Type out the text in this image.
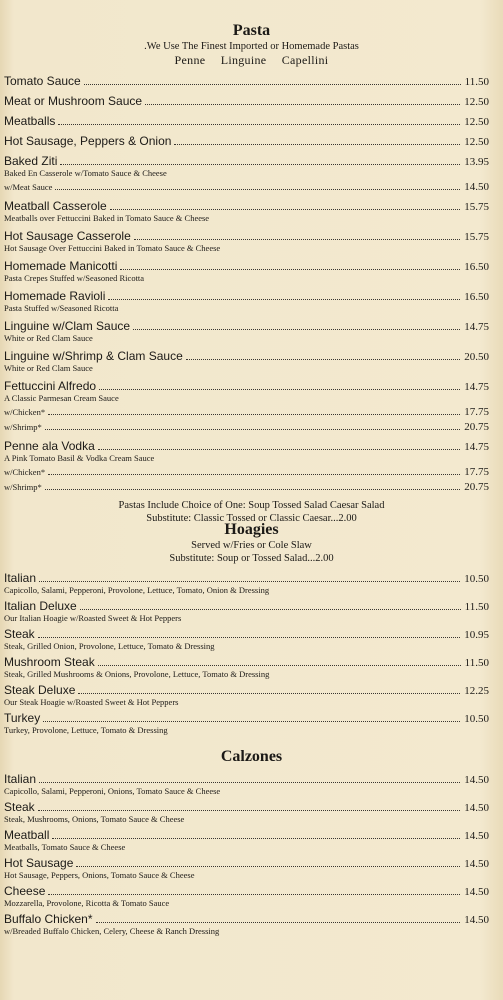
Pasta

.We Use The Finest Imported or Homemade Pastas

Penne Linguine Capellini

Tomato Sauce	11.50
Meat or Mushroom Sauce	12.50
Meatballs	12.50
Hot Sausage, Peppers & Onion	12.50
Baked Ziti	13.95
Baked En Casserole w/Tomato Sauce & Cheese
w/Meat Sauce	14.50
Meatball Casserole	15.75
Meatballs over Fettuccini Baked in Tomato Sauce & Cheese
Hot Sausage Casserole	15.75
Hot Sausage Over Fettuccini Baked in Tomato Sauce & Cheese
Homemade Manicotti	16.50
Pasta Crepes Stuffed w/Seasoned Ricotta
Homemade Ravioli	16.50
Pasta Stuffed w/Seasoned Ricotta
Linguine w/Clam Sauce	14.75
White or Red Clam Sauce
Linguine w/Shrimp & Clam Sauce	20.50
White or Red Clam Sauce
Fettuccini Alfredo	14.75
A Classic Parmesan Cream Sauce
w/Chicken*	17.75
w/Shrimp*	20.75
Penne ala Vodka	14.75
A Pink Tomato Basil & Vodka Cream Sauce
w/Chicken*	17.75
w/Shrimp*	20.75

Pastas Include Choice of One: Soup Tossed Salad Caesar Salad

Substitute: Classic Tossed or Classic Caesar...2.00

Hoagies

Served w/Fries or Cole Slaw

Substitute: Soup or Tossed Salad...2.00

Italian	10.50
Capicollo, Salami, Pepperoni, Provolone, Lettuce, Tomato, Onion & Dressing
Italian Deluxe	11.50
Our Italian Hoagie w/Roasted Sweet & Hot Peppers
Steak	10.95
Steak, Grilled Onion, Provolone, Lettuce, Tomato & Dressing
Mushroom Steak	11.50
Steak, Grilled Mushrooms & Onions, Provolone, Lettuce, Tomato & Dressing
Steak Deluxe	12.25
Our Steak Hoagie w/Roasted Sweet & Hot Peppers
Turkey	10.50
Turkey, Provolone, Lettuce, Tomato & Dressing

Calzones

Italian	14.50
Capicollo, Salami, Pepperoni, Onions, Tomato Sauce & Cheese
Steak	14.50
Steak, Mushrooms, Onions, Tomato Sauce & Cheese
Meatball	14.50
Meatballs, Tomato Sauce & Cheese
Hot Sausage	14.50
Hot Sausage, Peppers, Onions, Tomato Sauce & Cheese
Cheese	14.50
Mozzarella, Provolone, Ricotta & Tomato Sauce
Buffalo Chicken*	14.50
w/Breaded Buffalo Chicken, Celery, Cheese & Ranch Dressing
